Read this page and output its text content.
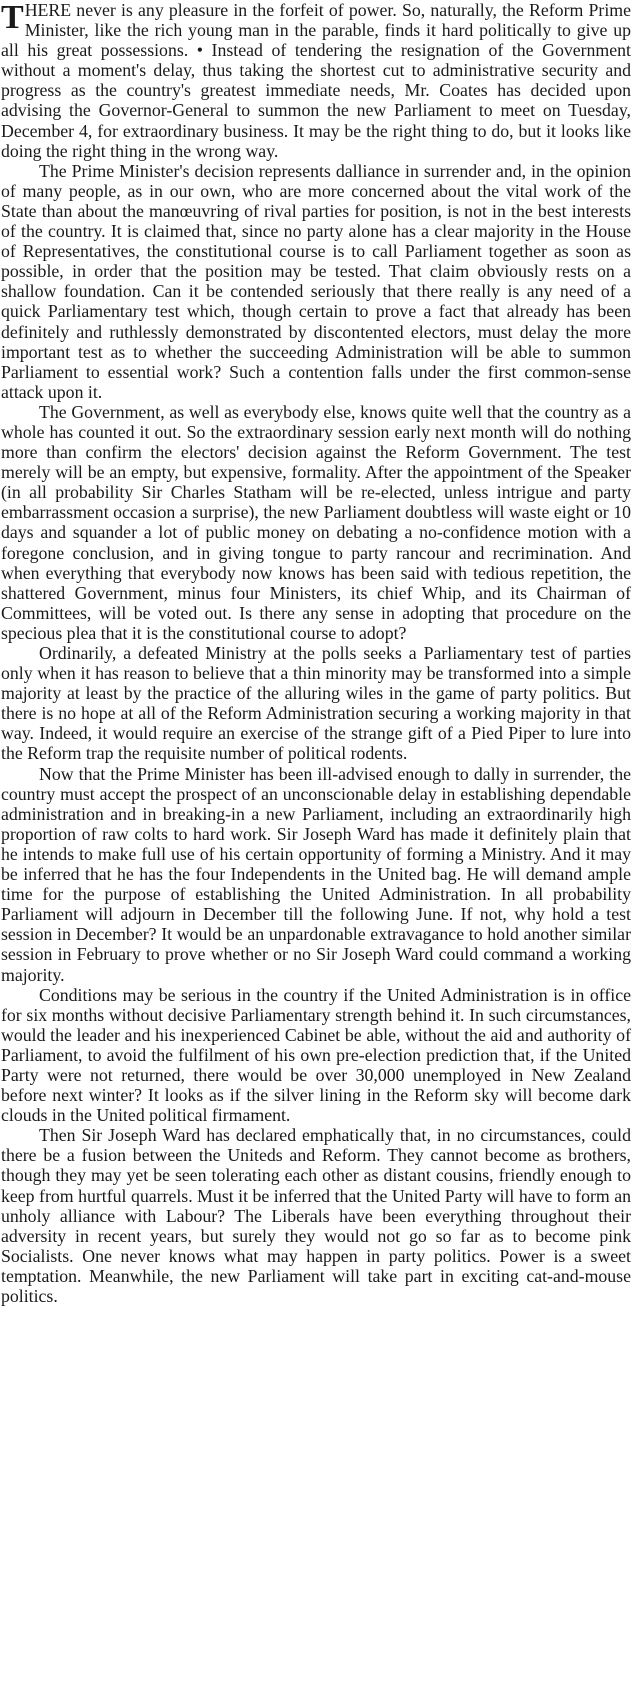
THERE never is any pleasure in the forfeit of power. So, naturally, the Reform Prime Minister, like the rich young man in the parable, finds it hard politically to give up all his great possessions. • Instead of tendering the resignation of the Government without a moment's delay, thus taking the shortest cut to administrative security and progress as the country's greatest immediate needs, Mr. Coates has decided upon advising the Governor-General to summon the new Parliament to meet on Tuesday, December 4, for extraordinary business. It may be the right thing to do, but it looks like doing the right thing in the wrong way.

The Prime Minister's decision represents dalliance in surrender and, in the opinion of many people, as in our own, who are more concerned about the vital work of the State than about the manœuvring of rival parties for position, is not in the best interests of the country. It is claimed that, since no party alone has a clear majority in the House of Representatives, the constitutional course is to call Parliament together as soon as possible, in order that the position may be tested. That claim obviously rests on a shallow foundation. Can it be contended seriously that there really is any need of a quick Parliamentary test which, though certain to prove a fact that already has been definitely and ruthlessly demonstrated by discontented electors, must delay the more important test as to whether the succeeding Administration will be able to summon Parliament to essential work? Such a contention falls under the first common-sense attack upon it.

The Government, as well as everybody else, knows quite well that the country as a whole has counted it out. So the extraordinary session early next month will do nothing more than confirm the electors' decision against the Reform Government. The test merely will be an empty, but expensive, formality. After the appointment of the Speaker (in all probability Sir Charles Statham will be re-elected, unless intrigue and party embarrassment occasion a surprise), the new Parliament doubtless will waste eight or 10 days and squander a lot of public money on debating a no-confidence motion with a foregone conclusion, and in giving tongue to party rancour and recrimination. And when everything that everybody now knows has been said with tedious repetition, the shattered Government, minus four Ministers, its chief Whip, and its Chairman of Committees, will be voted out. Is there any sense in adopting that procedure on the specious plea that it is the constitutional course to adopt?

Ordinarily, a defeated Ministry at the polls seeks a Parliamentary test of parties only when it has reason to believe that a thin minority may be transformed into a simple majority at least by the practice of the alluring wiles in the game of party politics. But there is no hope at all of the Reform Administration securing a working majority in that way. Indeed, it would require an exercise of the strange gift of a Pied Piper to lure into the Reform trap the requisite number of political rodents.

Now that the Prime Minister has been ill-advised enough to dally in surrender, the country must accept the prospect of an unconscionable delay in establishing dependable administration and in breaking-in a new Parliament, including an extraordinarily high proportion of raw colts to hard work. Sir Joseph Ward has made it definitely plain that he intends to make full use of his certain opportunity of forming a Ministry. And it may be inferred that he has the four Independents in the United bag. He will demand ample time for the purpose of establishing the United Administration. In all probability Parliament will adjourn in December till the following June. If not, why hold a test session in December? It would be an unpardonable extravagance to hold another similar session in February to prove whether or no Sir Joseph Ward could command a working majority.

Conditions may be serious in the country if the United Administration is in office for six months without decisive Parliamentary strength behind it. In such circumstances, would the leader and his inexperienced Cabinet be able, without the aid and authority of Parliament, to avoid the fulfilment of his own pre-election prediction that, if the United Party were not returned, there would be over 30,000 unemployed in New Zealand before next winter? It looks as if the silver lining in the Reform sky will become dark clouds in the United political firmament.

Then Sir Joseph Ward has declared emphatically that, in no circumstances, could there be a fusion between the Uniteds and Reform. They cannot become as brothers, though they may yet be seen tolerating each other as distant cousins, friendly enough to keep from hurtful quarrels. Must it be inferred that the United Party will have to form an unholy alliance with Labour? The Liberals have been everything throughout their adversity in recent years, but surely they would not go so far as to become pink Socialists. One never knows what may happen in party politics. Power is a sweet temptation. Meanwhile, the new Parliament will take part in exciting cat-and-mouse politics.
